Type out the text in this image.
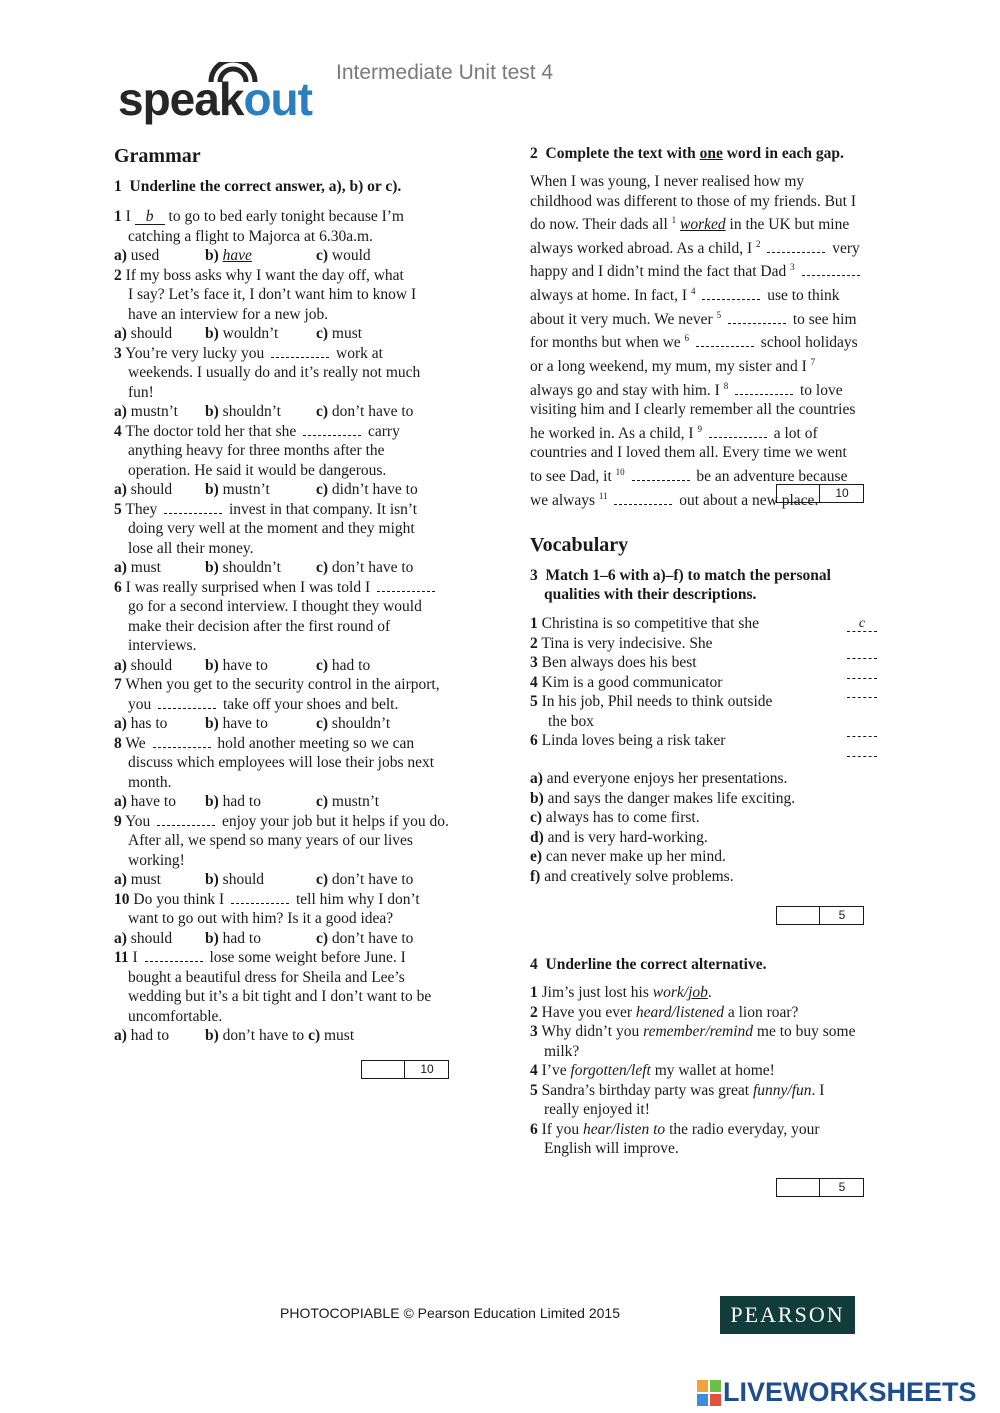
speakout
Intermediate Unit test 4
Grammar
1 Underline the correct answer, a), b) or c).
1 I b to go to bed early tonight because I’m
catching a flight to Majorca at 6.30a.m.
a) used	b) have	c) would
2 If my boss asks why I want the day off, what
I say? Let’s face it, I don’t want him to know I
have an interview for a new job.
a) should b) wouldn’t c) must
3 You’re very lucky you	work at
weekends. I usually do and it’s really not much
fun!
a) mustn’t b) shouldn’t c) don’t have to
4 The doctor told her that she	carry
anything heavy for three months after the
operation. He said it would be dangerous.
a) should b) mustn’t	c) didn’t have to
5 They	invest in that company. It isn’t
doing very well at the moment and they might
lose all their money.
a) must	b) shouldn’t c) don’t have to
6 I was really surprised when I was told I
go for a second interview. I thought they would
make their decision after the first round of
interviews.
a) should b) have to	c) had to
7 When you get to the security control in the airport,
you	take off your shoes and belt.
a) has to b) have to	c) shouldn’t
8 We	hold another meeting so we can
discuss which employees will lose their jobs next
month.
a) have to b) had to	c) mustn’t
9 You	enjoy your job but it helps if you do.
After all, we spend so many years of our lives
working!
a) must	b) should	c) don’t have to
10 Do you think I	tell him why I don’t
want to go out with him? Is it a good idea?
a) should b) had to	c) don’t have to
11 I	lose some weight before June. I
bought a beautiful dress for Sheila and Lee’s
wedding but it’s a bit tight and I don’t want to be
uncomfortable.
a) had to b) don’t have to c) must
10
2 Complete the text with one word in each gap.
When I was young, I never realised how my
childhood was different to those of my friends. But I
do now. Their dads all $^1$ worked in the UK but mine
always worked abroad. As a child, I $^2$	very
happy and I didn’t mind the fact that Dad $^3$
always at home. In fact, I $^4$	use to think
about it very much. We never $^5$	to see him
for months but when we $^6$	school holidays
or a long weekend, my mum, my sister and I $^7$
always go and stay with him. I $^8$	to love
visiting him and I clearly remember all the countries
he worked in. As a child, I $^9$	a lot of
countries and I loved them all. Every time we went
to see Dad, it $^{10}$	be an adventure because
we always $^{11}$	out about a new place.	10
Vocabulary
3 Match 1–6 with a)–f) to match the personal
qualities with their descriptions.
1 Christina is so competitive that she	c
2 Tina is very indecisive. She
3 Ben always does his best
4 Kim is a good communicator
5 In his job, Phil needs to think outside
the box
6 Linda loves being a risk taker
a) and everyone enjoys her presentations.
b) and says the danger makes life exciting.
c) always has to come first.
d) and is very hard-working.
e) can never make up her mind.
f) and creatively solve problems.
5
4 Underline the correct alternative.
1 Jim’s just lost his work/job.
2 Have you ever heard/listened a lion roar?
3 Why didn’t you remember/remind me to buy some
milk?
4 I’ve forgotten/left my wallet at home!
5 Sandra’s birthday party was great funny/fun. I
really enjoyed it!
6 If you hear/listen to the radio everyday, your
English will improve.
5
PHOTOCOPIABLE © Pearson Education Limited 2015	PEARSON
LIVEWORKSHEETS
